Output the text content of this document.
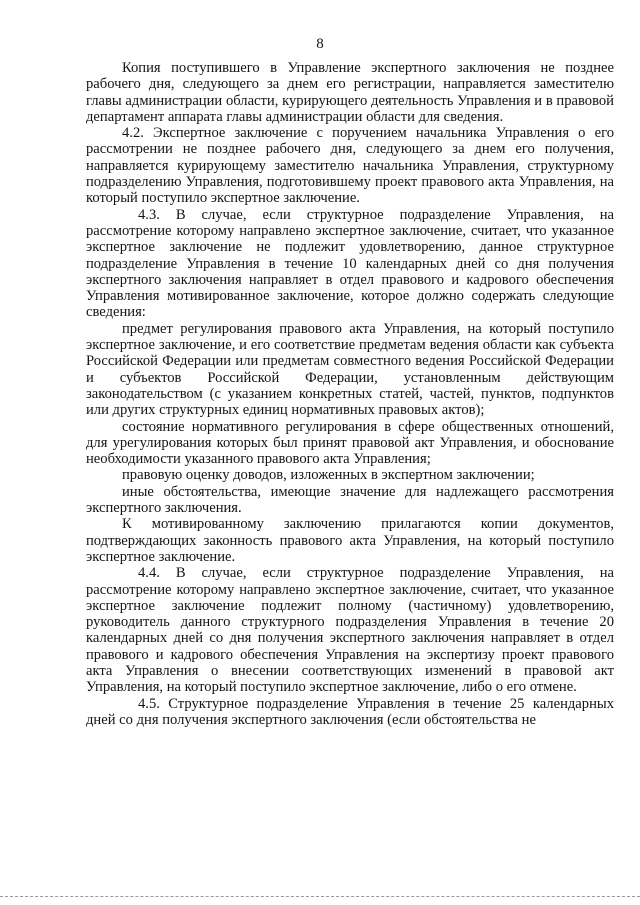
8

Копия поступившего в Управление экспертного заключения не позднее рабочего дня, следующего за днем его регистрации, направляется заместителю главы администрации области, курирующего деятельность Управления и в правовой департамент аппарата главы администрации области для сведения.

4.2. Экспертное заключение с поручением начальника Управления о его рассмотрении не позднее рабочего дня, следующего за днем его получения, направляется курирующему заместителю начальника Управления, структурному подразделению Управления, подготовившему проект правового акта Управления, на который поступило экспертное заключение.

4.3. В случае, если структурное подразделение Управления, на рассмотрение которому направлено экспертное заключение, считает, что указанное экспертное заключение не подлежит удовлетворению, данное структурное подразделение Управления в течение 10 календарных дней со дня получения экспертного заключения направляет в отдел правового и кадрового обеспечения Управления мотивированное заключение, которое должно содержать следующие сведения:

предмет регулирования правового акта Управления, на который поступило экспертное заключение, и его соответствие предметам ведения области как субъекта Российской Федерации или предметам совместного ведения Российской Федерации и субъектов Российской Федерации, установленным действующим законодательством (с указанием конкретных статей, частей, пунктов, подпунктов или других структурных единиц нормативных правовых актов);

состояние нормативного регулирования в сфере общественных отношений, для урегулирования которых был принят правовой акт Управления, и обоснование необходимости указанного правового акта Управления;

правовую оценку доводов, изложенных в экспертном заключении;

иные обстоятельства, имеющие значение для надлежащего рассмотрения экспертного заключения.

К мотивированному заключению прилагаются копии документов, подтверждающих законность правового акта Управления, на который поступило экспертное заключение.

4.4. В случае, если структурное подразделение Управления, на рассмотрение которому направлено экспертное заключение, считает, что указанное экспертное заключение подлежит полному (частичному) удовлетворению, руководитель данного структурного подразделения Управления в течение 20 календарных дней со дня получения экспертного заключения направляет в отдел правового и кадрового обеспечения Управления на экспертизу проект правового акта Управления о внесении соответствующих изменений в правовой акт Управления, на который поступило экспертное заключение, либо о его отмене.

4.5. Структурное подразделение Управления в течение 25 календарных дней со дня получения экспертного заключения (если обстоятельства не
